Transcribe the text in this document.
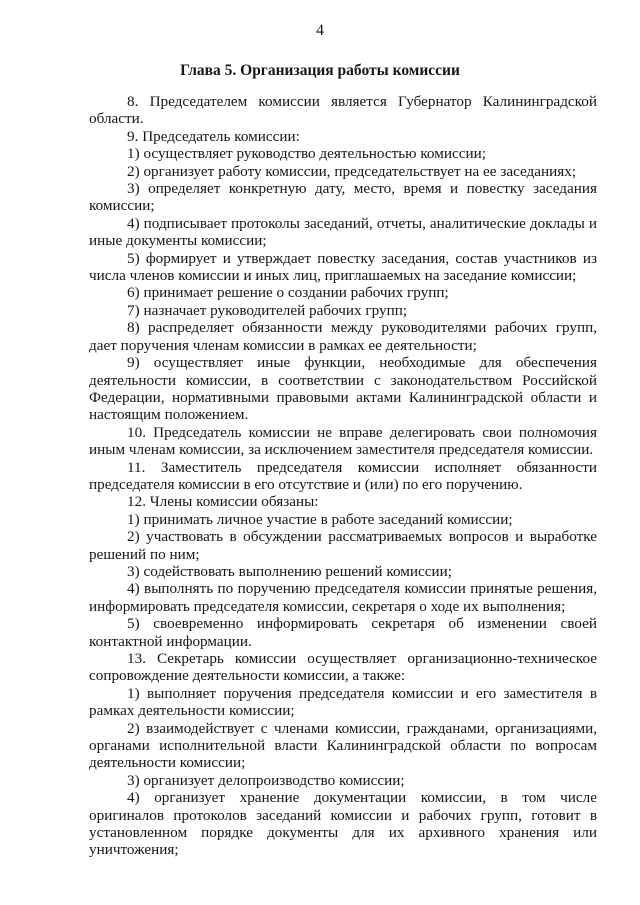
4
Глава 5. Организация работы комиссии

8. Председателем комиссии является Губернатор Калининградской области.

9. Председатель комиссии:

1) осуществляет руководство деятельностью комиссии;

2) организует работу комиссии, председательствует на ее заседаниях;

3) определяет конкретную дату, место, время и повестку заседания комиссии;

4) подписывает протоколы заседаний, отчеты, аналитические доклады и иные документы комиссии;

5) формирует и утверждает повестку заседания, состав участников из числа членов комиссии и иных лиц, приглашаемых на заседание комиссии;

6) принимает решение о создании рабочих групп;

7) назначает руководителей рабочих групп;

8) распределяет обязанности между руководителями рабочих групп, дает поручения членам комиссии в рамках ее деятельности;

9) осуществляет иные функции, необходимые для обеспечения деятельности комиссии, в соответствии с законодательством Российской Федерации, нормативными правовыми актами Калининградской области и настоящим положением.

10. Председатель комиссии не вправе делегировать свои полномочия иным членам комиссии, за исключением заместителя председателя комиссии.

11. Заместитель председателя комиссии исполняет обязанности председателя комиссии в его отсутствие и (или) по его поручению.

12. Члены комиссии обязаны:

1) принимать личное участие в работе заседаний комиссии;

2) участвовать в обсуждении рассматриваемых вопросов и выработке решений по ним;

3) содействовать выполнению решений комиссии;

4) выполнять по поручению председателя комиссии принятые решения, информировать председателя комиссии, секретаря о ходе их выполнения;

5) своевременно информировать секретаря об изменении своей контактной информации.

13. Секретарь комиссии осуществляет организационно-техническое сопровождение деятельности комиссии, а также:

1) выполняет поручения председателя комиссии и его заместителя в рамках деятельности комиссии;

2) взаимодействует с членами комиссии, гражданами, организациями, органами исполнительной власти Калининградской области по вопросам деятельности комиссии;

3) организует делопроизводство комиссии;

4) организует хранение документации комиссии, в том числе оригиналов протоколов заседаний комиссии и рабочих групп, готовит в установленном порядке документы для их архивного хранения или уничтожения;
